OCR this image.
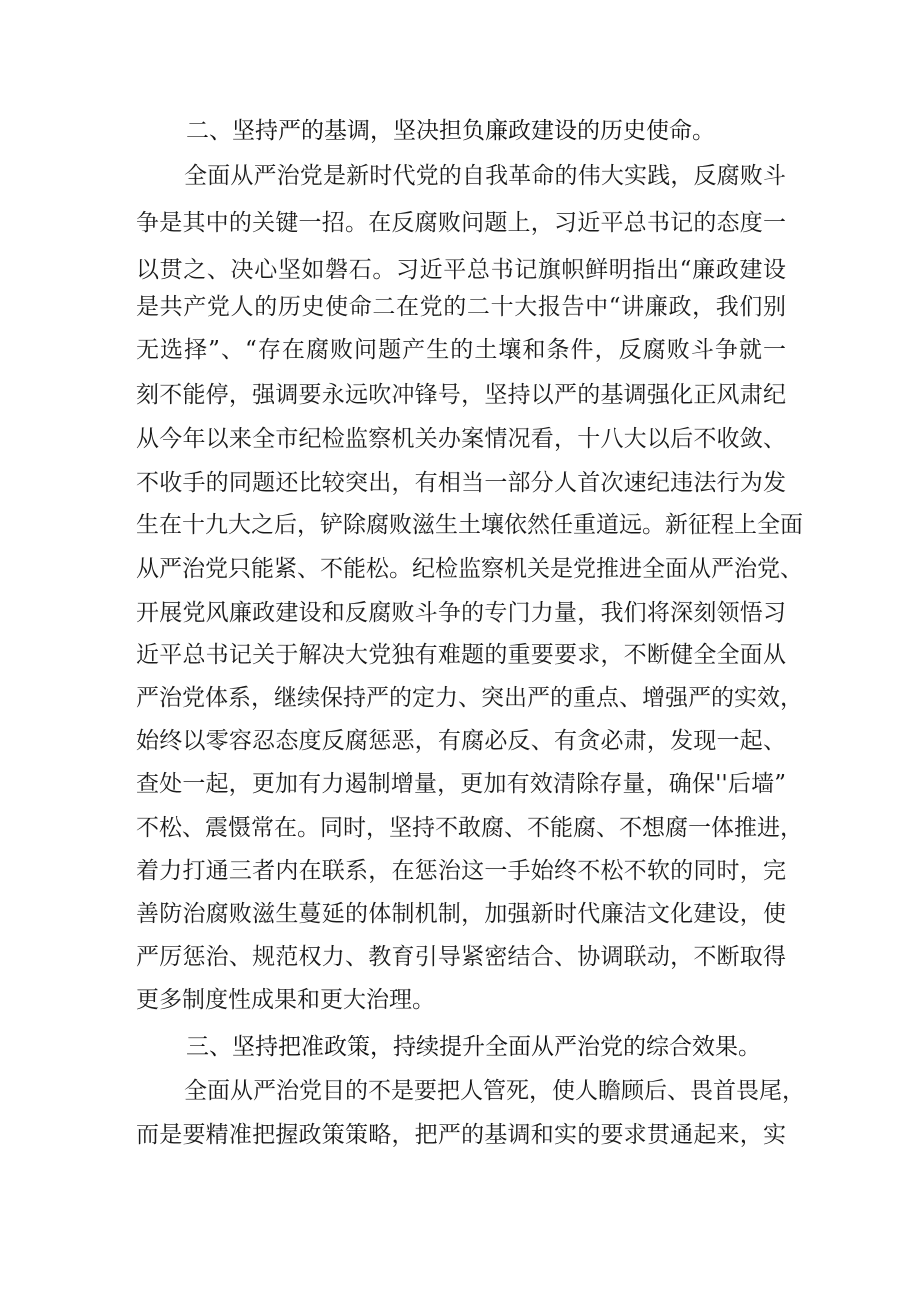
二、坚持严的基调，坚决担负廉政建设的历史使命。
全面从严治党是新时代党的自我革命的伟大实践，反腐败斗
争是其中的关键一招。在反腐败问题上，习近平总书记的态度一
以贯之、决心坚如磐石。习近平总书记旗帜鲜明指出“廉政建设
是共产党人的历史使命二在党的二十大报告中“讲廉政，我们别
无选择”、“存在腐败问题产生的土壤和条件，反腐败斗争就一
刻不能停，强调要永远吹冲锋号，坚持以严的基调强化正风肃纪
从今年以来全市纪检监察机关办案情况看，十八大以后不收敛、
不收手的同题还比较突出，有相当一部分人首次速纪违法行为发
生在十九大之后，铲除腐败滋生土壤依然任重道远。新征程上全面
从严治党只能紧、不能松。纪检监察机关是党推进全面从严治党、
开展党风廉政建设和反腐败斗争的专门力量，我们将深刻领悟习
近平总书记关于解决大党独有难题的重要要求，不断健全全面从
严治党体系，继续保持严的定力、突出严的重点、增强严的实效，
始终以零容忍态度反腐惩恶，有腐必反、有贪必肃，发现一起、
查处一起，更加有力遏制增量，更加有效清除存量，确保''后墙”
不松、震慑常在。同时，坚持不敢腐、不能腐、不想腐一体推进，
着力打通三者内在联系，在惩治这一手始终不松不软的同时，完
善防治腐败滋生蔓延的体制机制，加强新时代廉洁文化建设，使
严厉惩治、规范权力、教育引导紧密结合、协调联动，不断取得
更多制度性成果和更大治理。
三、坚持把准政策，持续提升全面从严治党的综合效果。
全面从严治党目的不是要把人管死，使人瞻顾后、畏首畏尾，
而是要精准把握政策策略，把严的基调和实的要求贯通起来，实
